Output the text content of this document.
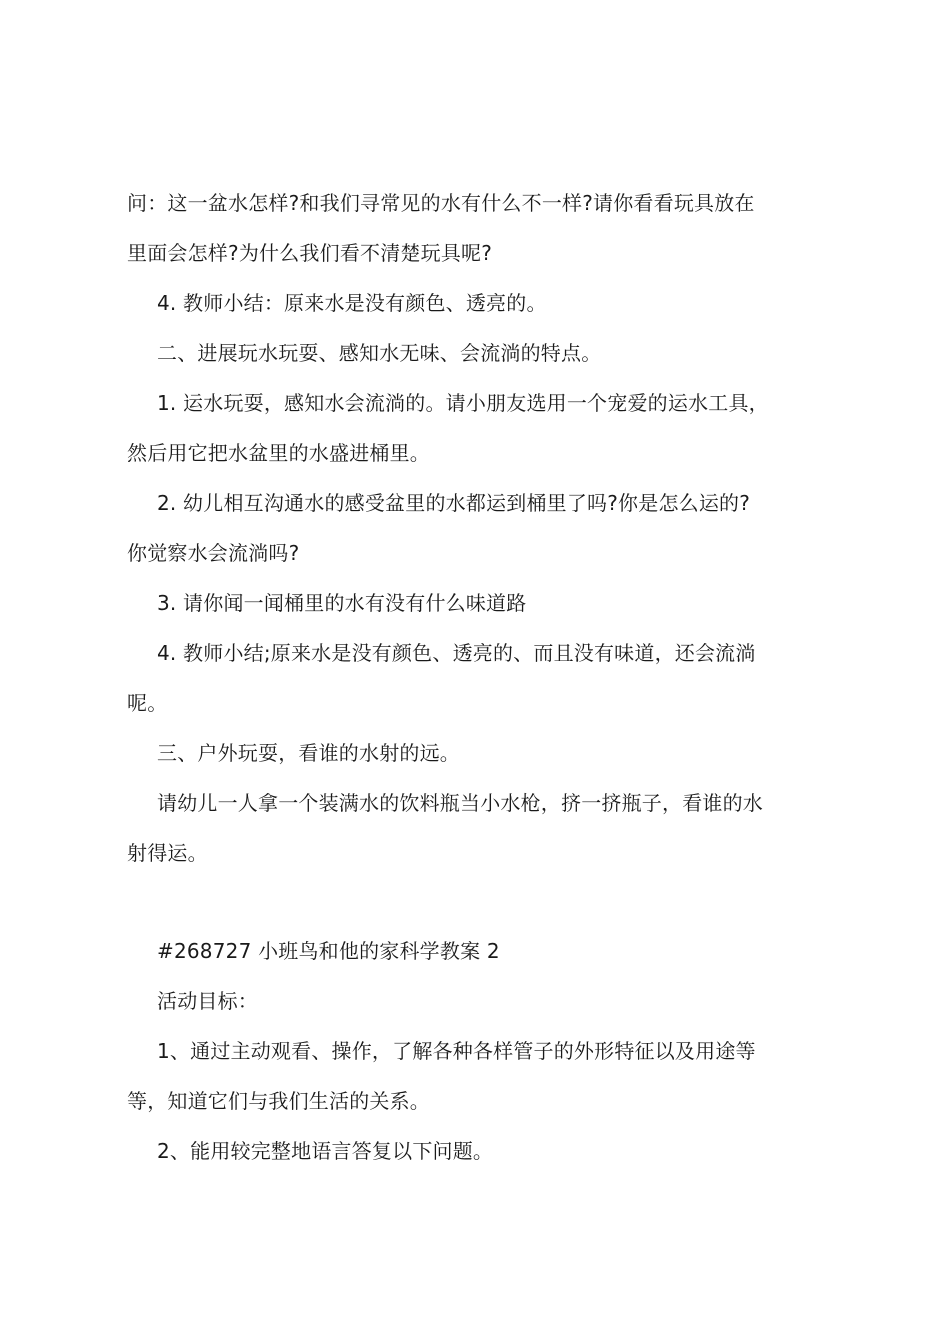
问：这一盆水怎样?和我们寻常见的水有什么不一样?请你看看玩具放在
里面会怎样?为什么我们看不清楚玩具呢?
4. 教师小结：原来水是没有颜色、透亮的。
二、进展玩水玩耍、感知水无味、会流淌的特点。
1. 运水玩耍，感知水会流淌的。请小朋友选用一个宠爱的运水工具，
然后用它把水盆里的水盛进桶里。
2. 幼儿相互沟通水的感受盆里的水都运到桶里了吗?你是怎么运的?
你觉察水会流淌吗?
3. 请你闻一闻桶里的水有没有什么味道路
4. 教师小结;原来水是没有颜色、透亮的、而且没有味道，还会流淌
呢。
三、户外玩耍，看谁的水射的远。
请幼儿一人拿一个装满水的饮料瓶当小水枪，挤一挤瓶子，看谁的水
射得运。
#268727 小班鸟和他的家科学教案 2
活动目标：
1、通过主动观看、操作，了解各种各样管子的外形特征以及用途等
等，知道它们与我们生活的关系。
2、能用较完整地语言答复以下问题。
